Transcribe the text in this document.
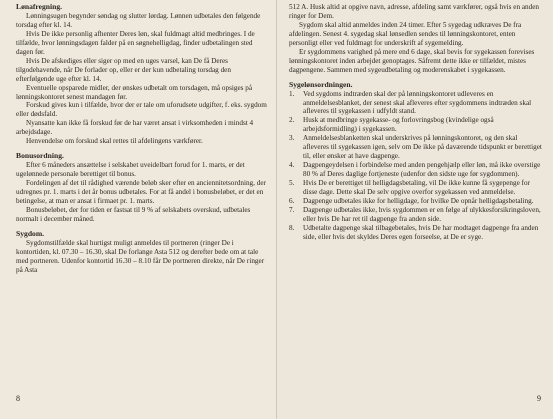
Lønafregning.

Lønningsugen begynder søndag og slutter lørdag. Lønnen udbetales den følgende torsdag efter kl. 14.

Hvis De ikke personlig afhenter Deres løn, skal fuldmagt altid medbringes. I de tilfælde, hvor lønningsdagen falder på en søgnehelligdag, finder udbetalingen sted dagen før.

Hvis De afskediges eller siger op med en uges varsel, kan De få Deres tilgodehavende, når De forlader op, eller er der kun udbetaling torsdag den efterfølgende uge efter kl. 14.

Eventuelle opsparede midler, der ønskes udbetalt om torsdagen, må opsiges på lønningskontoret senest mandagen før.

Forskud gives kun i tilfælde, hvor der er tale om uforudsete udgifter, f. eks. sygdom eller dødsfald.

Nyansatte kan ikke få forskud før de har været ansat i virksomheden i mindst 4 arbejdsdage.

Henvendelse om forskud skal rettes til afdelingens værkfører.

Bonusordning.

Efter 6 måneders ansættelse i selskabet uveidelbart forud for 1. marts, er det ugelønnede personale berettiget til bonus.

Fordelingen af det til rådighed værende beløb sker efter en anciennitetsordning, der udregnes pr. 1. marts i det år bonus udbetales. For at få andel i bonusbeløbet, er det en betingelse, at man er ansat i firmaet pr. 1. marts.

Bonusbeløbet, der for tiden er fastsat til 9 % af selskabets overskud, udbetales normalt i december måned.

Sygdom.

Sygdomstilfælde skal hurtigst muligt anmeldes til portneren (ringer De i kontortiden, kl. 07.30 – 16.30, skal De forlange Asta 512 og derefter bede om at tale med portneren. Udenfor kontortid 16.30 – 8.10 får De portneren direkte, når De ringer på Asta

8

512 A. Husk altid at opgive navn, adresse, afdeling samt værkfører, også hvis en anden ringer for Dem.

Sygdom skal altid anmeldes inden 24 timer. Efter 5 sygedag udkræves De fra afdelingen. Senest 4. sygedag skal lønsedlen sendes til lønningskontoret, enten personligt eller ved fuldmagt for underskrift af sygemelding.

Er sygdommens varighed på mere end 6 dage, skal bevis for sygekassen forevises lønningskontoret inden arbejdet genoptages. Såfremt dette ikke er tilfældet, mistes dagpengene. Sammen med sygeudbetaling og moderenskabet i sygekassen.

Sygelønsordningen.

1.	Ved sygdoms indtræden skal der på lønningskontoret udleveres en anmeldelsesblanket, der senest skal afleveres efter sygdommens indtræden skal afleveres til sygekassen i udfyldt stand.
2.	Husk at medbringe sygekasse- og forlovringsbog (kvindelige også arbejdsformidling) i sygekassen.
3.	Anmeldelsesblanketten skal underskrives på lønningskontoret, og den skal afleveres til sygekassen igen, selv om De ikke på daværende tidspunkt er berettiget til, eller ønsker at have dagpenge.
4.	Dagpengeydelsen i forbindelse med anden pengehjælp eller løn, må ikke overstige 80 % af Deres daglige fortjeneste (udenfor den sidste uge før sygdommen).
5.	Hvis De er berettiget til helligdagsbetaling, vil De ikke kunne få sygepenge for disse dage. Dette skal De selv opgive overfor sygekassen ved anmeldelse.
6.	Dagpenge udbetales ikke for helligdage, for hvilke De opnår helligdagsbetaling.
7.	Dagpenge udbetales ikke, hvis sygdommen er en følge af ulykkesforsikringsloven, eller hvis De har ret til dagpenge fra anden side.
8.	Udbetalte dagpenge skal tilbagebetales, hvis De har modtaget dagpenge fra anden side, eller hvis det skyldes Deres egen forseelse, at De er syge.
9
